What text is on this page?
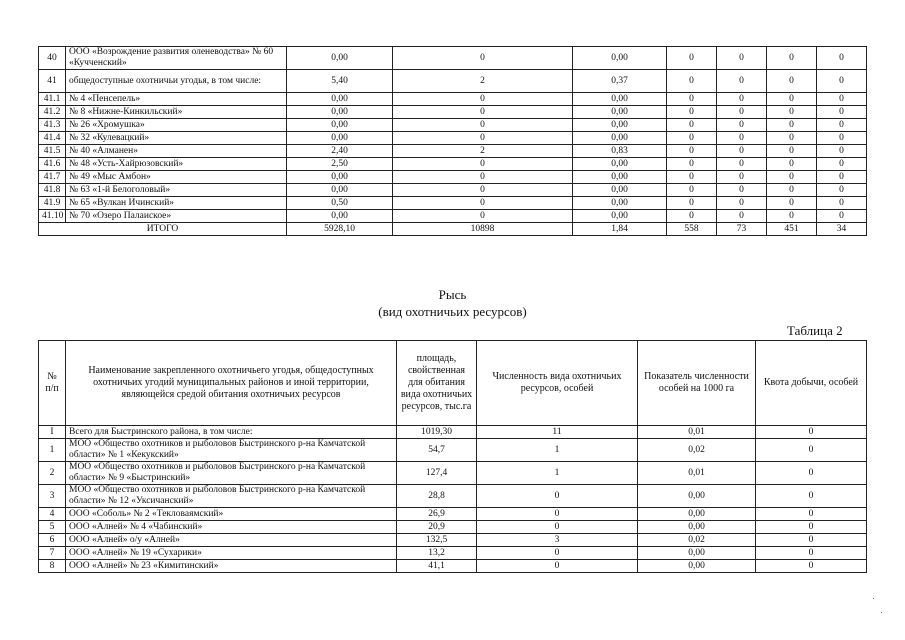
40	ООО «Возрождение развития оленеводства» № 60 «Кучченский»	0,00	0	0,00	0	0	0	0
41	общедоступные охотничьи угодья, в том числе:	5,40	2	0,37	0	0	0	0
41.1	№ 4 «Пенсепель»	0,00	0	0,00	0	0	0	0
41.2	№ 8 «Нижне-Кинкильский»	0,00	0	0,00	0	0	0	0
41.3	№ 26 «Хромушка»	0,00	0	0,00	0	0	0	0
41.4	№ 32 «Кулевацкий»	0,00	0	0,00	0	0	0	0
41.5	№ 40 «Алманен»	2,40	2	0,83	0	0	0	0
41.6	№ 48 «Усть-Хайрюзовский»	2,50	0	0,00	0	0	0	0
41.7	№ 49 «Мыс Амбон»	0,00	0	0,00	0	0	0	0
41.8	№ 63 «1-й Белоголовый»	0,00	0	0,00	0	0	0	0
41.9	№ 65 «Вулкан Ичинский»	0,50	0	0,00	0	0	0	0
41.10	№ 70 «Озеро Палаиское»	0,00	0	0,00	0	0	0	0
ИТОГО		5928,10	10898	1,84	558	73	451	34
Рысь
(вид охотничьих ресурсов)
Таблица 2
№ п/п	Наименование закрепленного охотничьего угодья, общедоступных охотничьих угодий муниципальных районов и иной территории, являющейся средой обитания охотничьих ресурсов	площадь, свойственная для обитания вида охотничьих ресурсов, тыс.га	Численность вида охотничьих ресурсов, особей	Показатель численности особей на 1000 га	Квота добычи, особей
I	Всего для Быстринского района, в том числе:	1019,30	11	0,01	0
1	МОО «Общество охотников и рыболовов Быстринского р-на Камчатской области» № 1 «Кекукский»	54,7	1	0,02	0
2	МОО «Общество охотников и рыболовов Быстринского р-на Камчатской области» № 9 «Быстринский»	127,4	1	0,01	0
3	МОО «Общество охотников и рыболовов Быстринского р-на Камчатской области» № 12 «Уксичанский»	28,8	0	0,00	0
4	ООО «Соболь» № 2 «Текловаямский»	26,9	0	0,00	0
5	ООО «Алней» № 4 «Чабинский»	20,9	0	0,00	0
6	ООО «Алней» о/у «Алней»	132,5	3	0,02	0
7	ООО «Алней» № 19 «Сухарики»	13,2	0	0,00	0
8	ООО «Алней» № 23 «Кимитинский»	41,1	0	0,00	0
